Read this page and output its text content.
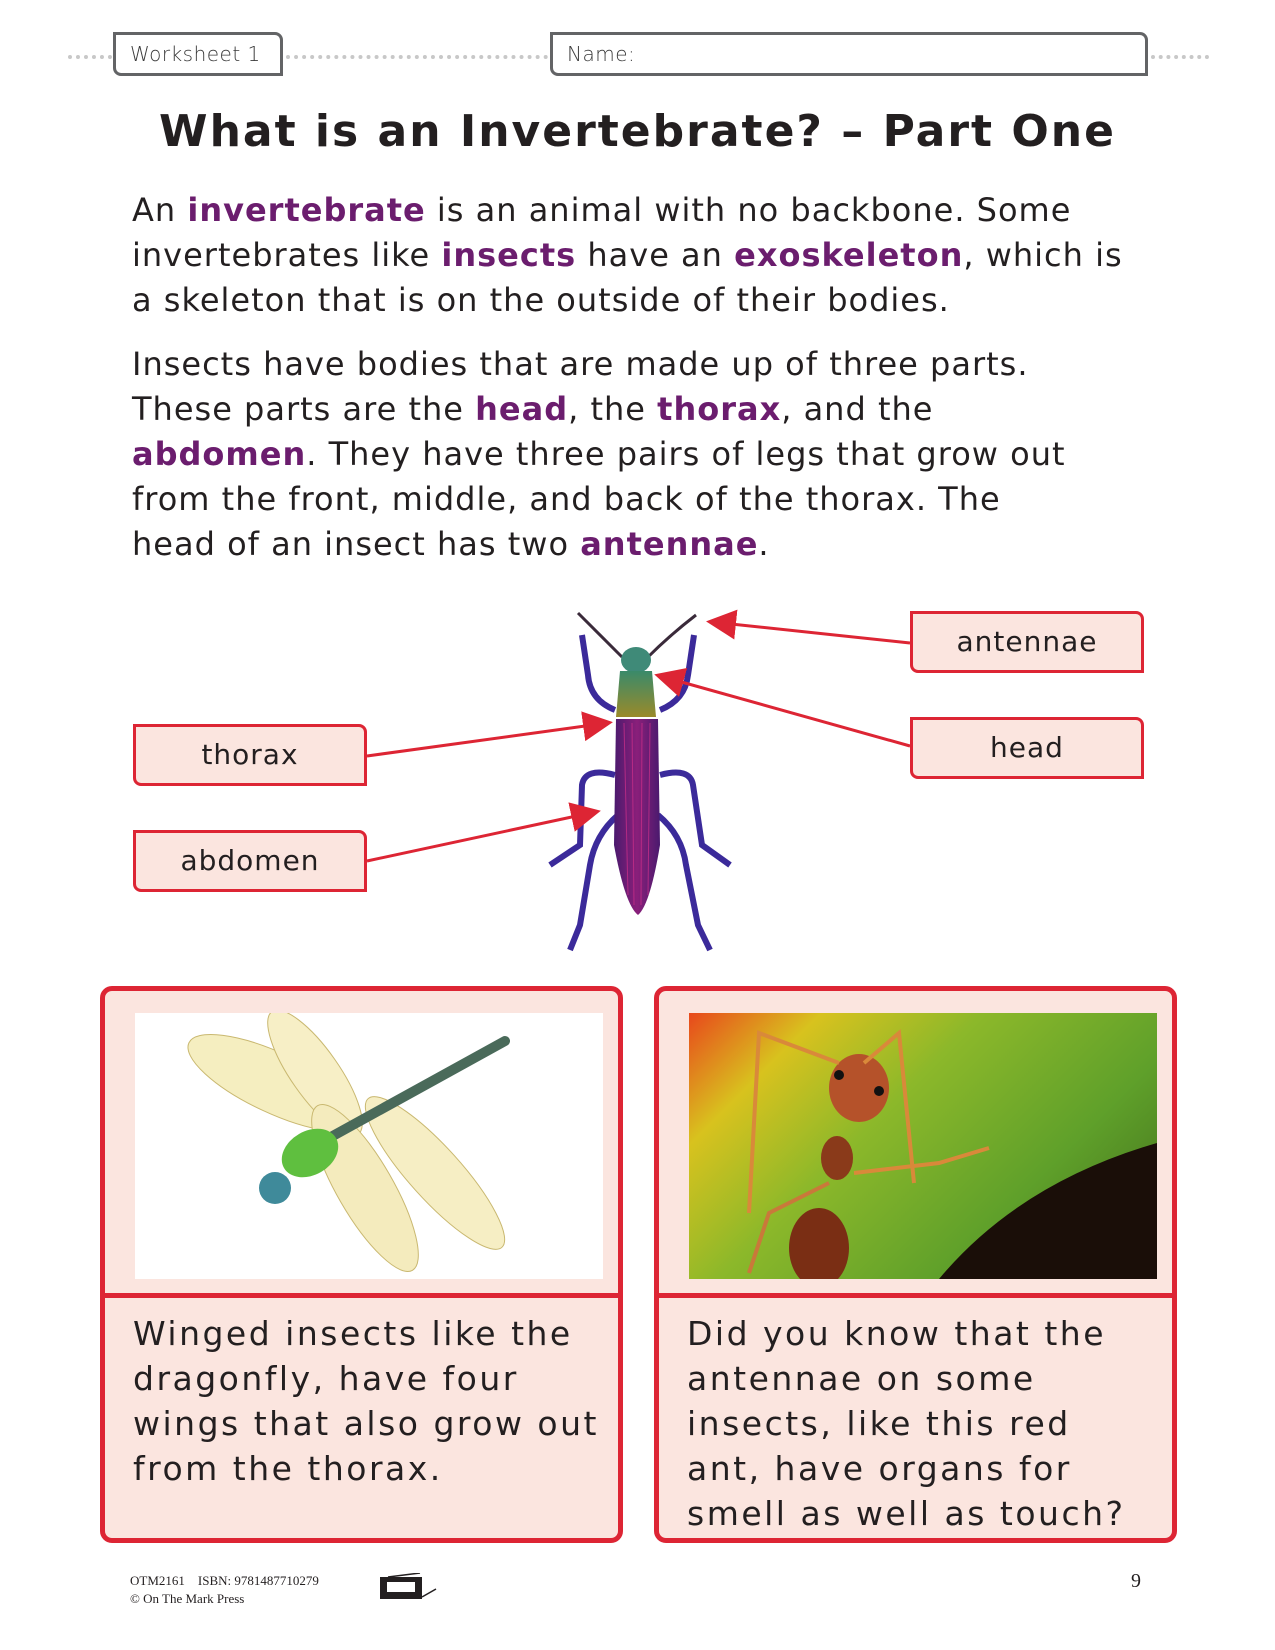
Worksheet 1	Name:
What is an Invertebrate? – Part One
An invertebrate is an animal with no backbone. Some invertebrates like insects have an exoskeleton, which is a skeleton that is on the outside of their bodies.
Insects have bodies that are made up of three parts. These parts are the head, the thorax, and the abdomen. They have three pairs of legs that grow out from the front, middle, and back of the thorax. The head of an insect has two antennae.
antennae
head
thorax
abdomen
Winged insects like the dragonfly, have four wings that also grow out from the thorax.
Did you know that the antennae on some insects, like this red ant, have organs for smell as well as touch?
OTM2161 ISBN: 9781487710279
© On The Mark Press
9
